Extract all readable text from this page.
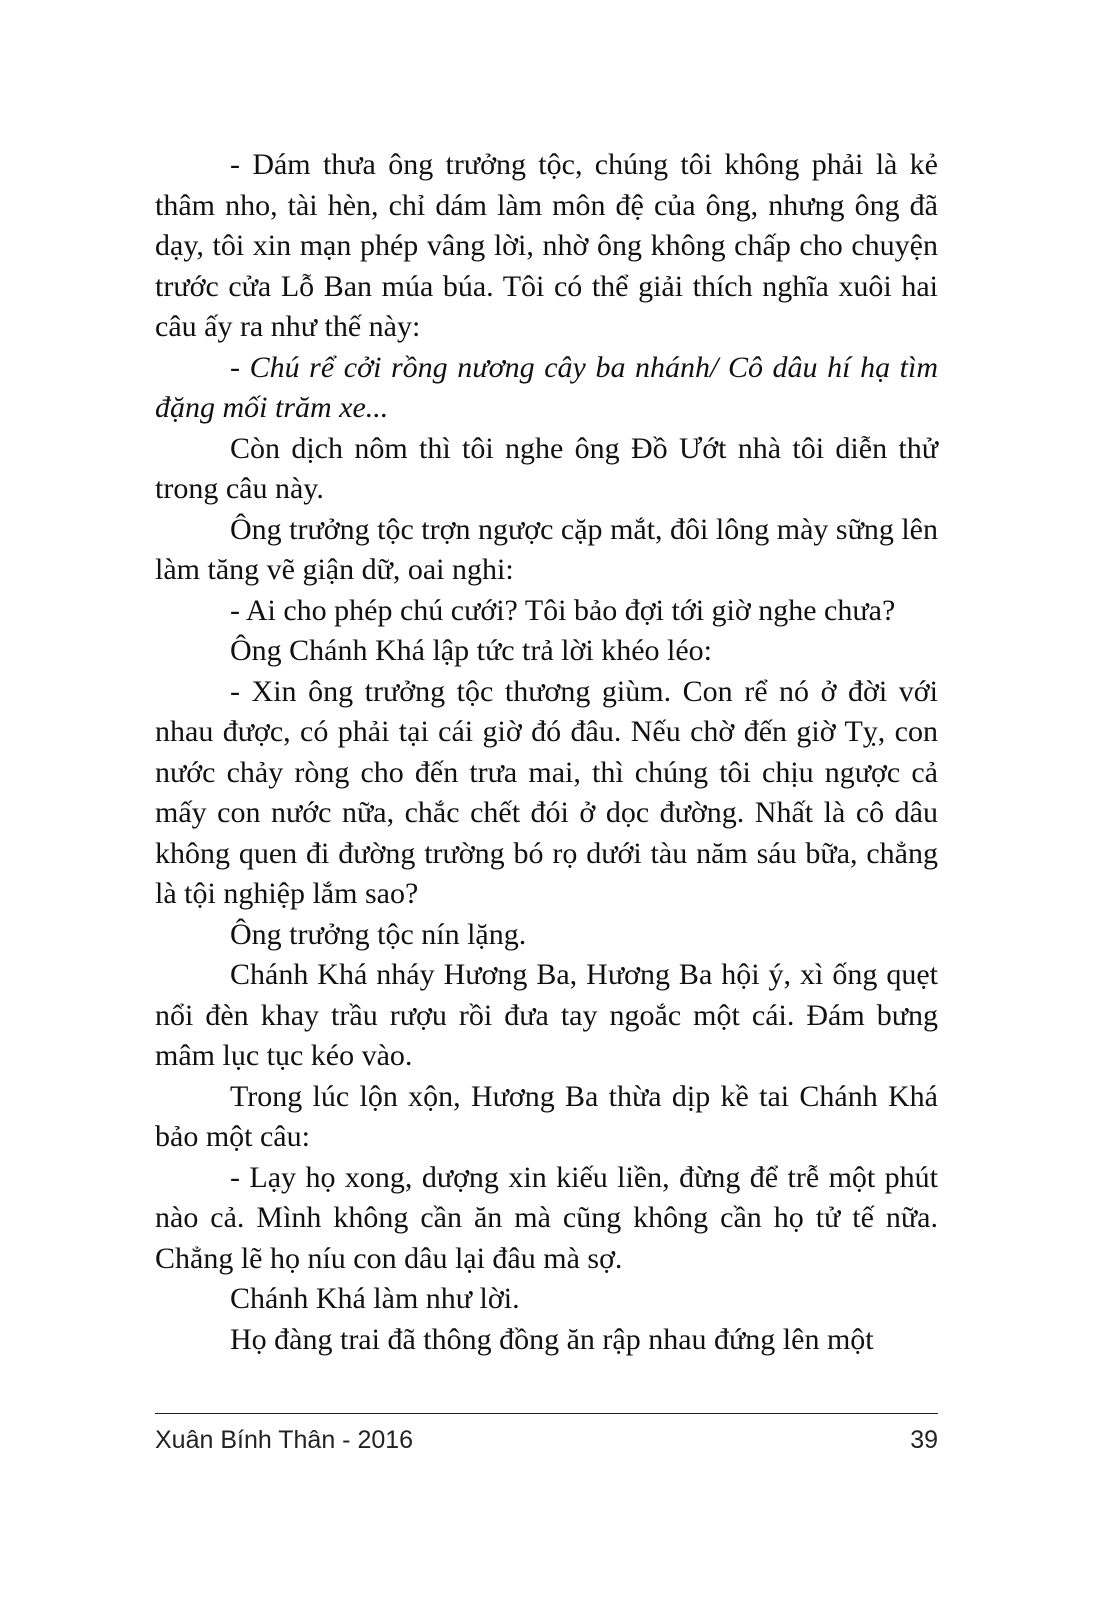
- Dám thưa ông trưởng tộc, chúng tôi không phải là kẻ thâm nho, tài hèn, chỉ dám làm môn đệ của ông, nhưng ông đã dạy, tôi xin mạn phép vâng lời, nhờ ông không chấp cho chuyện trước cửa Lỗ Ban múa búa. Tôi có thể giải thích nghĩa xuôi hai câu ấy ra như thế này:

- Chú rể cởi rồng nương cây ba nhánh/ Cô dâu hí hạ tìm đặng mối trăm xe...

Còn dịch nôm thì tôi nghe ông Đồ Ướt nhà tôi diễn thử trong câu này.

Ông trưởng tộc trợn ngược cặp mắt, đôi lông mày sững lên làm tăng vẽ giận dữ, oai nghi:

- Ai cho phép chú cưới? Tôi bảo đợi tới giờ nghe chưa?

Ông Chánh Khá lập tức trả lời khéo léo:

- Xin ông trưởng tộc thương giùm. Con rể nó ở đời với nhau được, có phải tại cái giờ đó đâu. Nếu chờ đến giờ Tỵ, con nước chảy ròng cho đến trưa mai, thì chúng tôi chịu ngược cả mấy con nước nữa, chắc chết đói ở dọc đường. Nhất là cô dâu không quen đi đường trường bó rọ dưới tàu năm sáu bữa, chẳng là tội nghiệp lắm sao?

Ông trưởng tộc nín lặng.

Chánh Khá nháy Hương Ba, Hương Ba hội ý, xì ống quẹt nổi đèn khay trầu rượu rồi đưa tay ngoắc một cái. Đám bưng mâm lục tục kéo vào.

Trong lúc lộn xộn, Hương Ba thừa dịp kề tai Chánh Khá bảo một câu:

- Lạy họ xong, dượng xin kiếu liền, đừng để trễ một phút nào cả. Mình không cần ăn mà cũng không cần họ tử tế nữa. Chẳng lẽ họ níu con dâu lại đâu mà sợ.

Chánh Khá làm như lời.

Họ đàng trai đã thông đồng ăn rập nhau đứng lên một

Xuân Bính Thân - 2016	39
